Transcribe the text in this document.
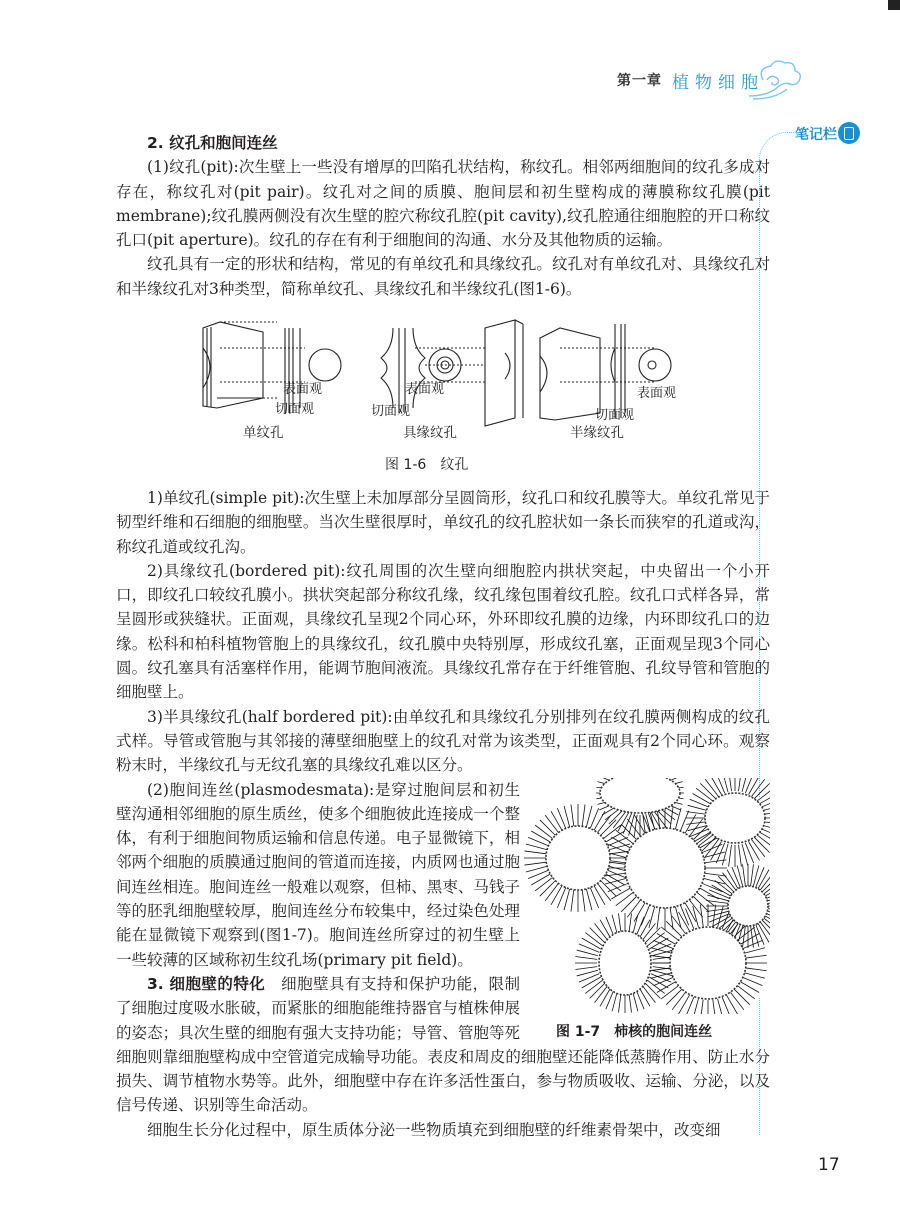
第一章 植物细胞
笔记栏
2. 纹孔和胞间连丝

(1)纹孔(pit):次生壁上一些没有增厚的凹陷孔状结构，称纹孔。相邻两细胞间的纹孔多成对存在，称纹孔对(pit pair)。纹孔对之间的质膜、胞间层和初生壁构成的薄膜称纹孔膜(pit membrane);纹孔膜两侧没有次生壁的腔穴称纹孔腔(pit cavity),纹孔腔通往细胞腔的开口称纹孔口(pit aperture)。纹孔的存在有利于细胞间的沟通、水分及其他物质的运输。

纹孔具有一定的形状和结构，常见的有单纹孔和具缘纹孔。纹孔对有单纹孔对、具缘纹孔对和半缘纹孔对3种类型，简称单纹孔、具缘纹孔和半缘纹孔(图1-6)。

表面观
切面观
表面观
切面观
表面观
切面观
单纹孔	具缘纹孔	半缘纹孔
图 1-6　纹孔

1)单纹孔(simple pit):次生壁上未加厚部分呈圆筒形，纹孔口和纹孔膜等大。单纹孔常见于韧型纤维和石细胞的细胞壁。当次生壁很厚时，单纹孔的纹孔腔状如一条长而狭窄的孔道或沟，称纹孔道或纹孔沟。

2)具缘纹孔(bordered pit):纹孔周围的次生壁向细胞腔内拱状突起，中央留出一个小开口，即纹孔口较纹孔膜小。拱状突起部分称纹孔缘，纹孔缘包围着纹孔腔。纹孔口式样各异，常呈圆形或狭缝状。正面观，具缘纹孔呈现2个同心环，外环即纹孔膜的边缘，内环即纹孔口的边缘。松科和柏科植物管胞上的具缘纹孔，纹孔膜中央特别厚，形成纹孔塞，正面观呈现3个同心圆。纹孔塞具有活塞样作用，能调节胞间液流。具缘纹孔常存在于纤维管胞、孔纹导管和管胞的细胞壁上。

3)半具缘纹孔(half bordered pit):由单纹孔和具缘纹孔分别排列在纹孔膜两侧构成的纹孔式样。导管或管胞与其邻接的薄壁细胞壁上的纹孔对常为该类型，正面观具有2个同心环。观察粉末时，半缘纹孔与无纹孔塞的具缘纹孔难以区分。

图 1-7　柿核的胞间连丝

(2)胞间连丝(plasmodesmata):是穿过胞间层和初生壁沟通相邻细胞的原生质丝，使多个细胞彼此连接成一个整体，有利于细胞间物质运输和信息传递。电子显微镜下，相邻两个细胞的质膜通过胞间的管道而连接，内质网也通过胞间连丝相连。胞间连丝一般难以观察，但柿、黑枣、马钱子等的胚乳细胞壁较厚，胞间连丝分布较集中，经过染色处理能在显微镜下观察到(图1-7)。胞间连丝所穿过的初生壁上一些较薄的区域称初生纹孔场(primary pit field)。

3. 细胞壁的特化　 细胞壁具有支持和保护功能，限制了细胞过度吸水胀破，而紧胀的细胞能维持器官与植株伸展的姿态；具次生壁的细胞有强大支持功能；导管、管胞等死细胞则靠细胞壁构成中空管道完成输导功能。表皮和周皮的细胞壁还能降低蒸腾作用、防止水分损失、调节植物水势等。此外，细胞壁中存在许多活性蛋白，参与物质吸收、运输、分泌，以及信号传递、识别等生命活动。

细胞生长分化过程中，原生质体分泌一些物质填充到细胞壁的纤维素骨架中，改变细

17
